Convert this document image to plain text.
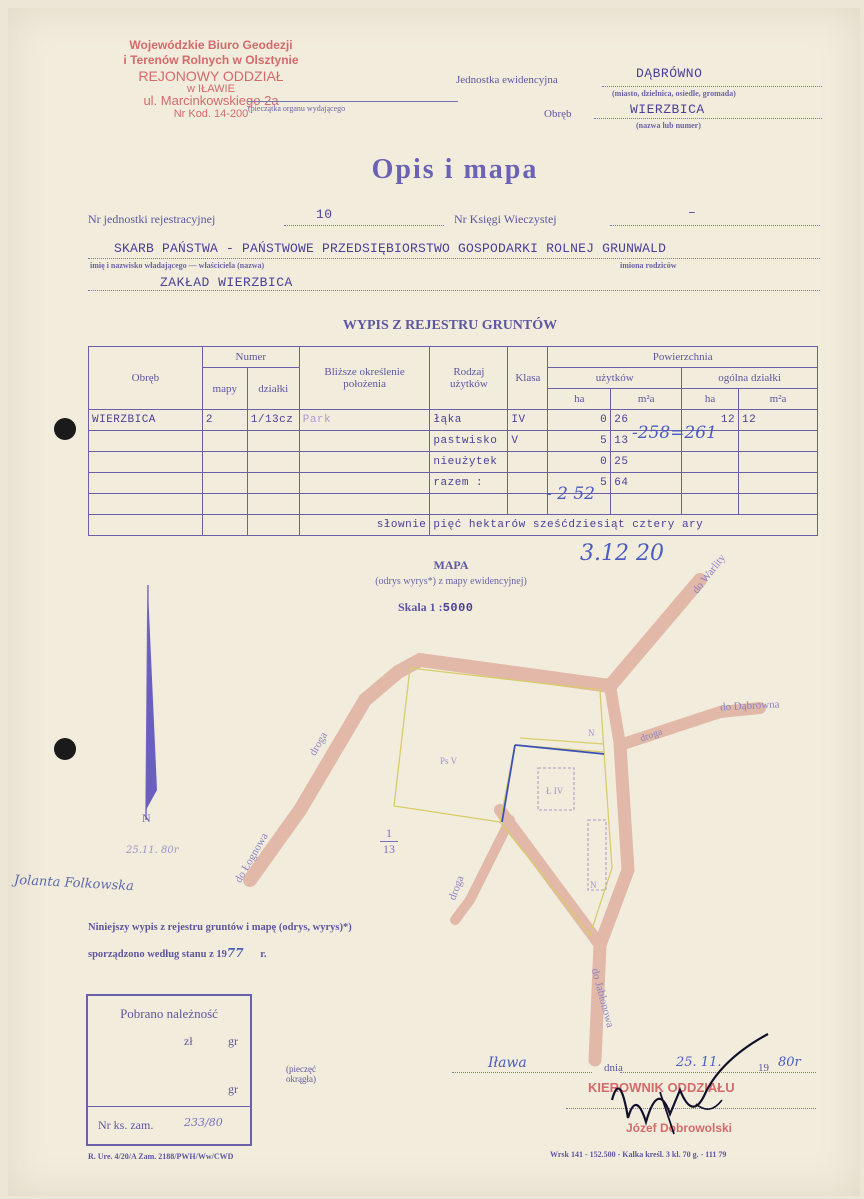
Wojewódzkie Biuro Geodezji
i Terenów Rolnych w Olsztynie
REJONOWY ODDZIAŁ
w IŁAWIE
ul. Marcinkowskiego 2a
Nr Kod. 14-200 (pieczątka organu wydającego
Jednostka ewidencyjna	DĄBRÓWNO
(miasto, dzielnica, osiedle, gromada)
Obręb	WIERZBICA
(nazwa lub numer)
Opis i mapa
Nr jednostki rejestracyjnej	10	Nr Księgi Wieczystej	–
SKARB PAŃSTWA - PAŃSTWOWE PRZEDSIĘBIORSTWO GOSPODARKI ROLNEJ GRUNWALD
imię i nazwisko władającego — właściciela (nazwa)	imiona rodziców
ZAKŁAD WIERZBICA
WYPIS Z REJESTRU GRUNTÓW
Obręb	Numer		Bliższe określenie położenia	Rodzaj użytków	Klasa	Powierzchnia			
	mapy	działki				użytków		ogólna działki	
						ha	m²a	ha	m²a
WIERZBICA	2	1/13cz	Park	łąka	IV	0	26	12	12
				pastwisko	V	5	13		
				nieużytek		0	25		
				razem :		5	64		

			słownie	pięć hektarów sześćdziesiąt cztery ary					
-258=261
- 2 52
3.12 20
MAPA
(odrys wyrys*) z mapy ewidencyjnej)
Skala 1 :5000
N
do Warlity
do Dąbrowna
droga
droga
droga
do Łognowa
do Jabłonowa
Ps V
Ł IV
N
N
$\frac{1}{13}$
25.11. 80r
Jolanta Folkowska
Niniejszy wypis z rejestru gruntów i mapę (odrys, wyrys)*)
sporządzono według stanu z 1977 r.
Pobrano należność
zł	gr
gr
Nr ks. zam.	233/80
(pieczęć okrągła)
Iława	dnia	25. 11.	19 80r
KIEROWNIK ODDZIAŁU
Józef Dobrowolski
R. Ure. 4/20/A Zam. 2188/PWH/Ww/CWD	Wrsk 141 - 152.500 - Kalka kreśl. 3 kl. 70 g. - 111 79
